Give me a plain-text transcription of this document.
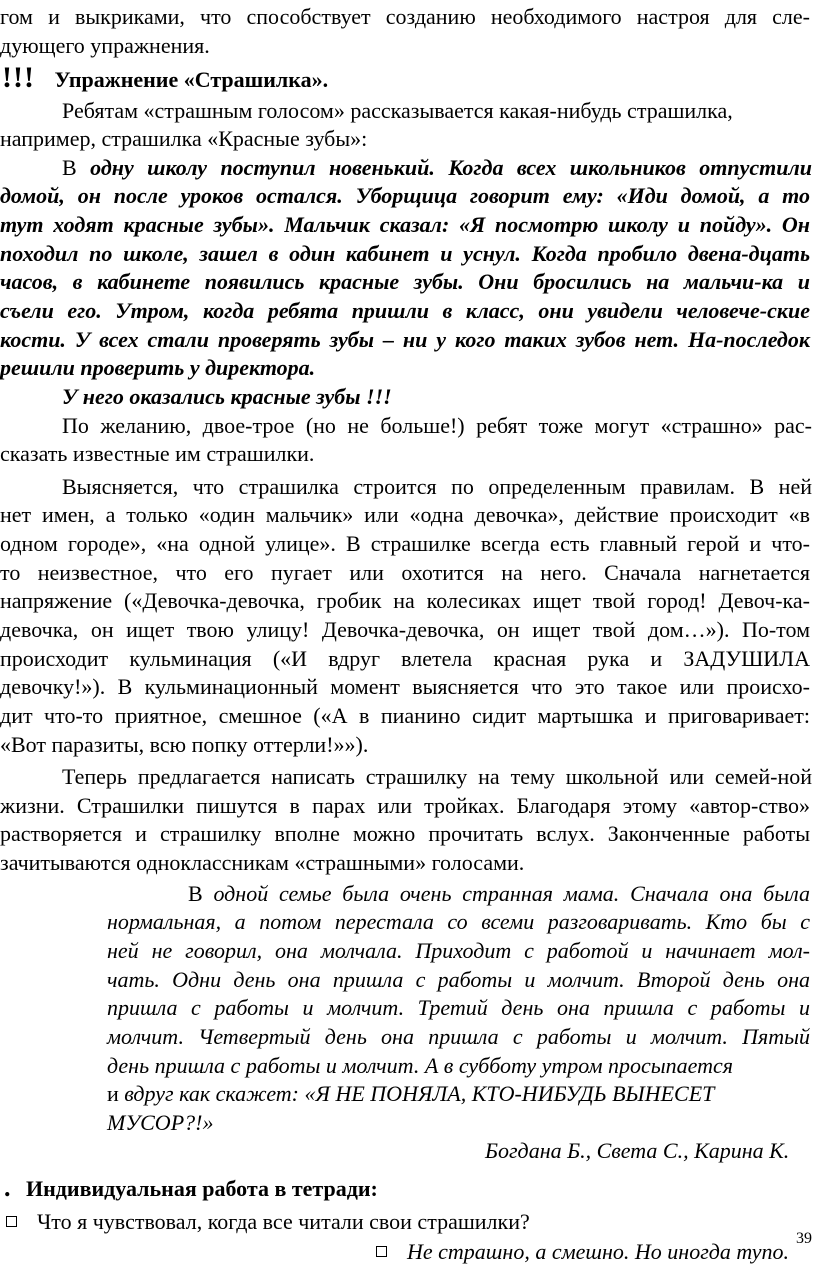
гом и выкриками, что способствует созданию необходимого настроя для сле-
дующего упражнения.
!!! Упражнение «Страшилка».
Ребятам «страшным голосом» рассказывается какая-нибудь страшилка,
например, страшилка «Красные зубы»:
В одну школу поступил новенький. Когда всех школьников отпустили
домой, он после уроков остался. Уборщица говорит ему: «Иди домой, а то
тут ходят красные зубы». Мальчик сказал: «Я посмотрю школу и пойду». Он
походил по школе, зашел в один кабинет и уснул. Когда пробило двена-дцать
часов, в кабинете появились красные зубы. Они бросились на мальчи-ка и
съели его. Утром, когда ребята пришли в класс, они увидели человече-ские
кости. У всех стали проверять зубы – ни у кого таких зубов нет. На-последок
решили проверить у директора.
У него оказались красные зубы !!!
По желанию, двое-трое (но не больше!) ребят тоже могут «страшно» рас-
сказать известные им страшилки.
Выясняется, что страшилка строится по определенным правилам. В ней
нет имен, а только «один мальчик» или «одна девочка», действие происходит «в
одном городе», «на одной улице». В страшилке всегда есть главный герой и что-
то неизвестное, что его пугает или охотится на него. Сначала нагнетается
напряжение («Девочка-девочка, гробик на колесиках ищет твой город! Девоч-ка-
девочка, он ищет твою улицу! Девочка-девочка, он ищет твой дом…»). По-том
происходит кульминация («И вдруг влетела красная рука и ЗАДУШИЛА
девочку!»). В кульминационный момент выясняется что это такое или происхо-
дит что-то приятное, смешное («А в пианино сидит мартышка и приговаривает:
«Вот паразиты, всю попку оттерли!»»).
Теперь предлагается написать страшилку на тему школьной или семей-ной
жизни. Страшилки пишутся в парах или тройках. Благодаря этому «автор-ство»
растворяется и страшилку вполне можно прочитать вслух. Законченные работы
зачитываются одноклассникам «страшными» голосами.
В одной семье была очень странная мама. Сначала она была
нормальная, а потом перестала со всеми разговаривать. Кто бы с
ней не говорил, она молчала. Приходит с работой и начинает мол-
чать. Одни день она пришла с работы и молчит. Второй день она
пришла с работы и молчит. Третий день она пришла с работы и
молчит. Четвертый день она пришла с работы и молчит. Пятый
день пришла с работы и молчит. А в субботу утром просыпается
и вдруг как скажет: «Я НЕ ПОНЯЛА, КТО-НИБУДЬ ВЫНЕСЕТ
МУСОР?!»
Богдана Б., Света С., Карина К.
. Индивидуальная работа в тетради:
39
Что я чувствовал, когда все читали свои страшилки?
Не страшно, а смешно. Но иногда тупо.
